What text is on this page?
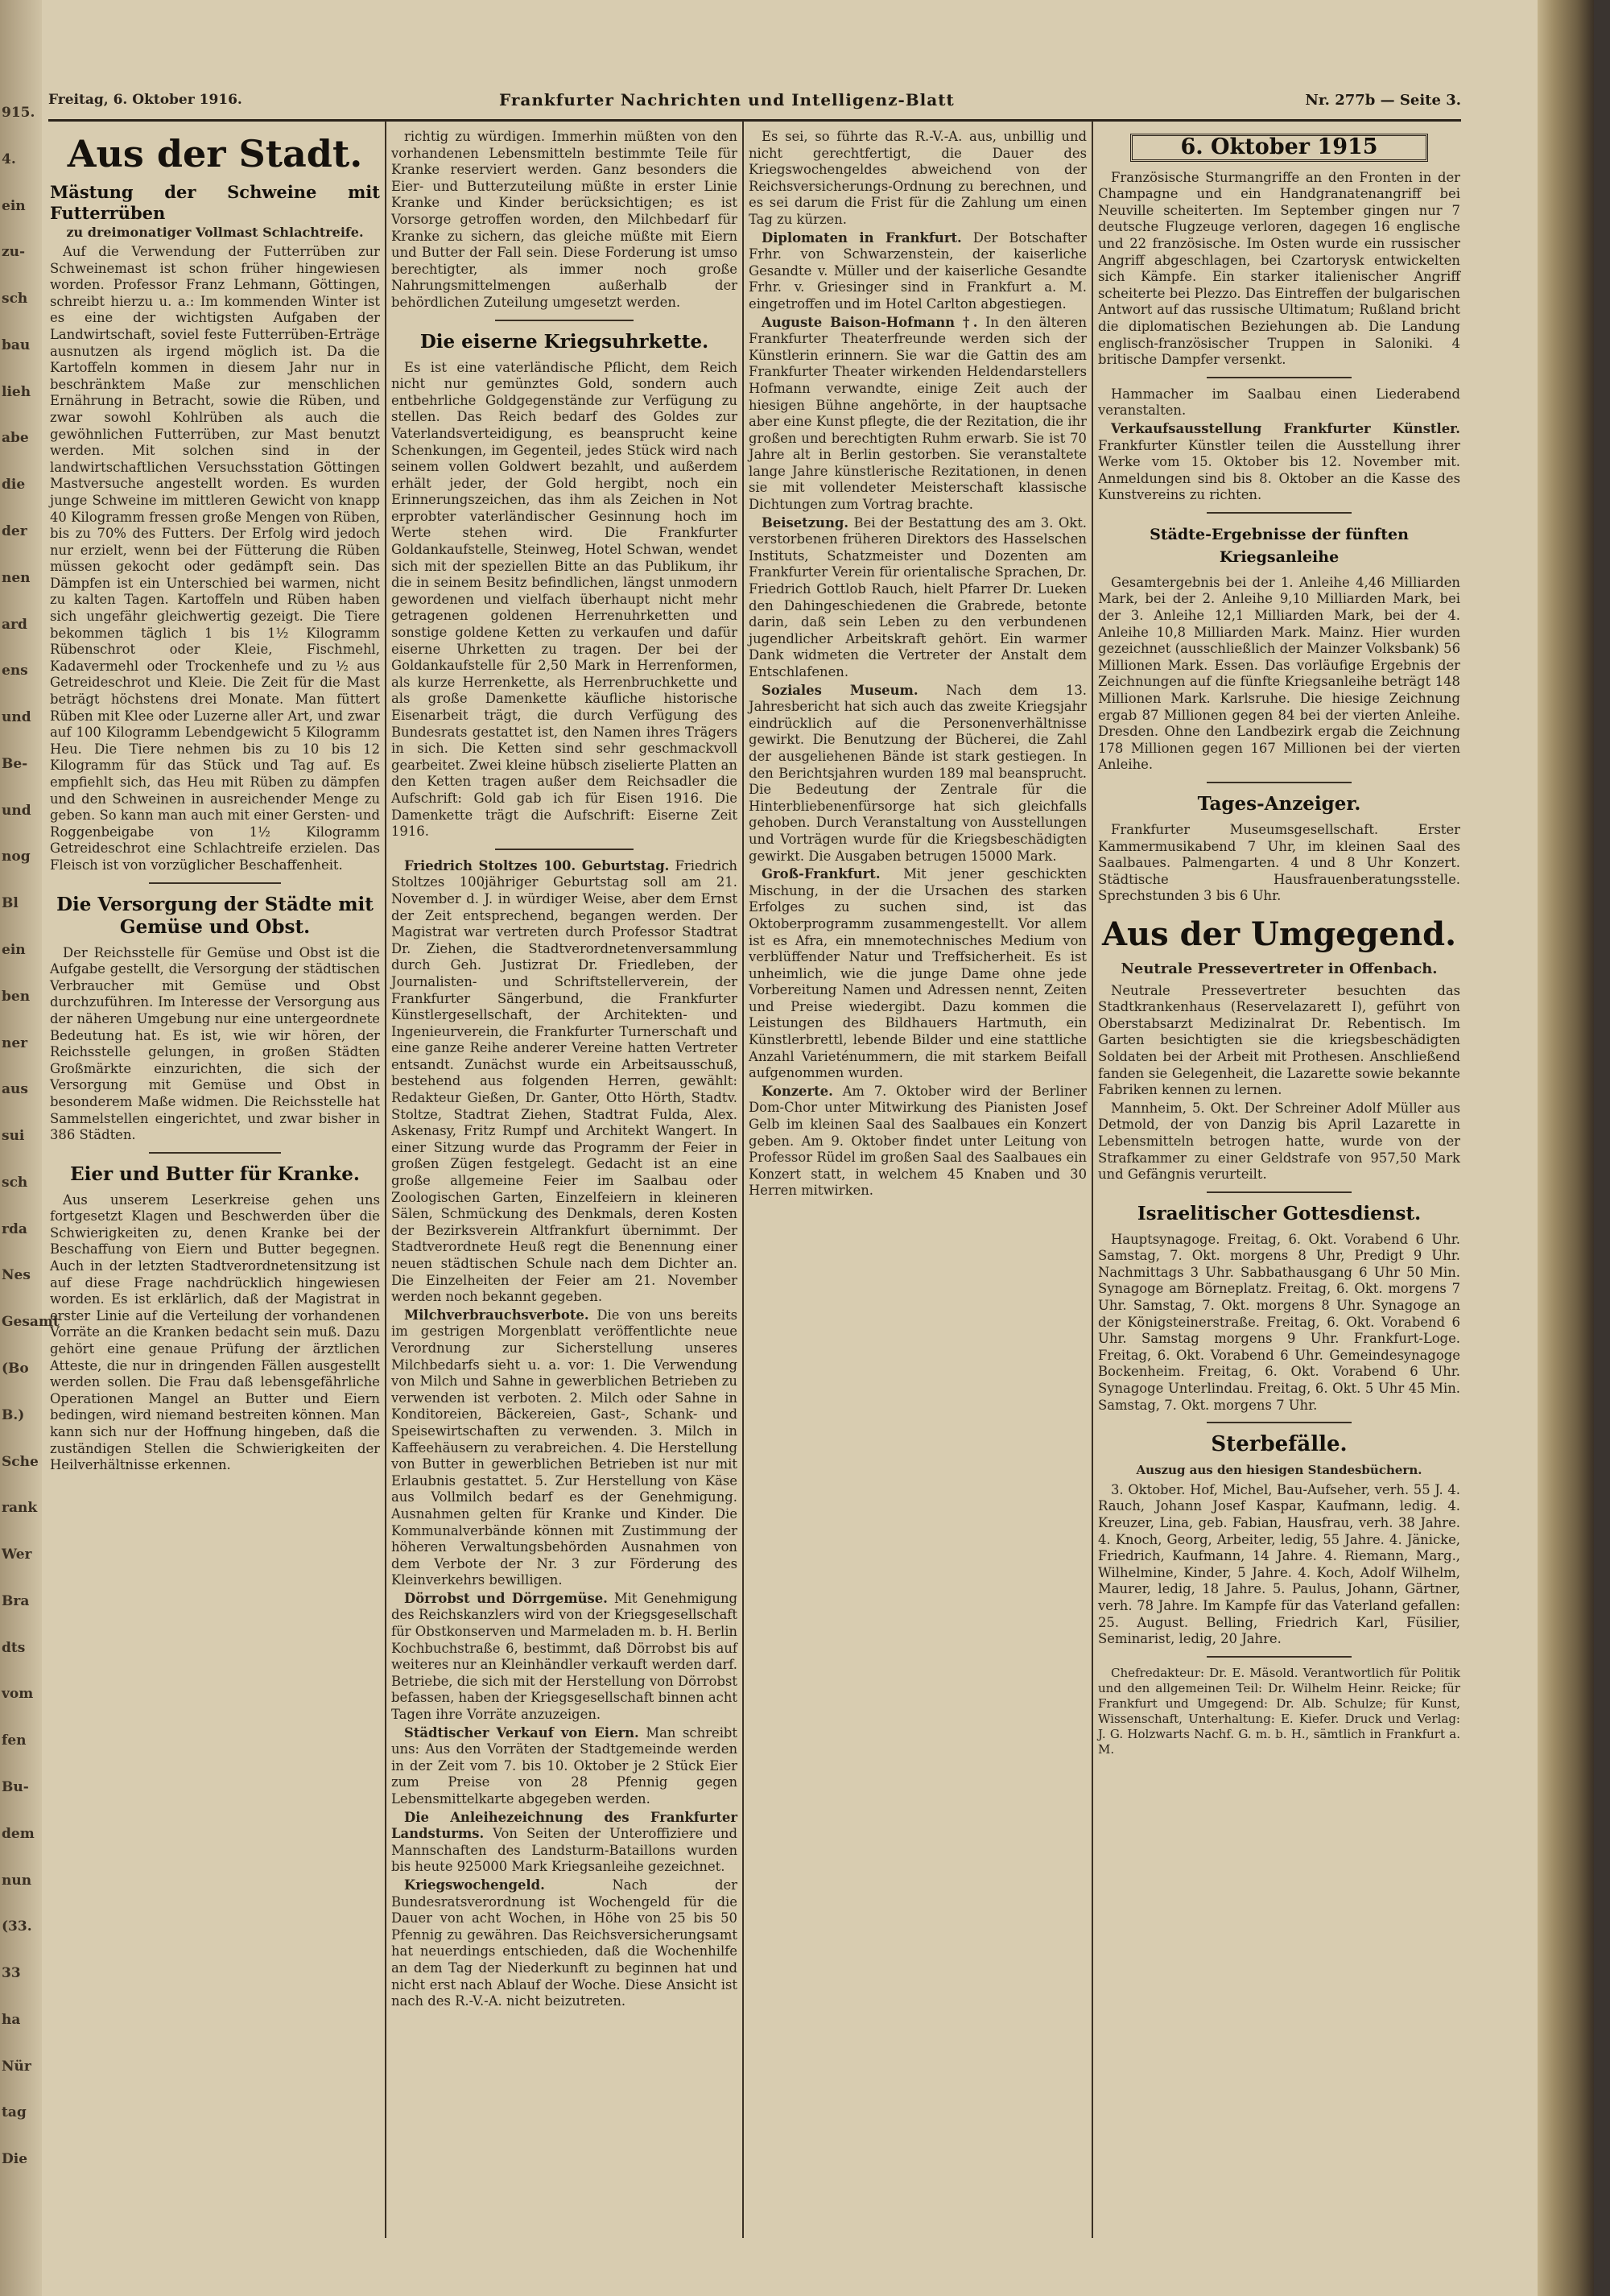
915.
4.
ein
zu-
sch
bau
lieh
abe
die
der
nen
ard
ens
und
Be-
und
nog
Bl
ein
ben
ner
aus
sui
sch
rda
Nes
Gesamt
(Bo
B.)
Sche
rank
Wer
Bra
dts
vom
fen
Bu-
dem
nun
(33.
33
ha
Nür
tag
Die
Freitag, 6. Oktober 1916.	Frankfurter Nachrichten und Intelligenz-Blatt	Nr. 277b — Seite 3.
Aus der Stadt.
Mästung der Schweine mit Futterrüben
zu dreimonatiger Vollmast Schlachtreife.

Auf die Verwendung der Futterrüben zur Schweinemast ist schon früher hingewiesen worden. Professor Franz Lehmann, Göttingen, schreibt hierzu u. a.: Im kommenden Winter ist es eine der wichtigsten Aufgaben der Landwirtschaft, soviel feste Futterrüben-Erträge ausnutzen als irgend möglich ist. Da die Kartoffeln kommen in diesem Jahr nur in beschränktem Maße zur menschlichen Ernährung in Betracht, sowie die Rüben, und zwar sowohl Kohlrüben als auch die gewöhnlichen Futterrüben, zur Mast benutzt werden. Mit solchen sind in der landwirtschaftlichen Versuchsstation Göttingen Mastversuche angestellt worden. Es wurden junge Schweine im mittleren Gewicht von knapp 40 Kilogramm fressen große Mengen von Rüben, bis zu 70% des Futters. Der Erfolg wird jedoch nur erzielt, wenn bei der Fütterung die Rüben müssen gekocht oder gedämpft sein. Das Dämpfen ist ein Unterschied bei warmen, nicht zu kalten Tagen. Kartoffeln und Rüben haben sich ungefähr gleichwertig gezeigt. Die Tiere bekommen täglich 1 bis 1½ Kilogramm Rübenschrot oder Kleie, Fischmehl, Kadavermehl oder Trockenhefe und zu ½ aus Getreideschrot und Kleie. Die Zeit für die Mast beträgt höchstens drei Monate. Man füttert Rüben mit Klee oder Luzerne aller Art, und zwar auf 100 Kilogramm Lebendgewicht 5 Kilogramm Heu. Die Tiere nehmen bis zu 10 bis 12 Kilogramm für das Stück und Tag auf. Es empfiehlt sich, das Heu mit Rüben zu dämpfen und den Schweinen in ausreichender Menge zu geben. So kann man auch mit einer Gersten- und Roggenbeigabe von 1½ Kilogramm Getreideschrot eine Schlachtreife erzielen. Das Fleisch ist von vorzüglicher Beschaffenheit.

Die Versorgung der Städte mit Gemüse und Obst.

Der Reichsstelle für Gemüse und Obst ist die Aufgabe gestellt, die Versorgung der städtischen Verbraucher mit Gemüse und Obst durchzuführen. Im Interesse der Versorgung aus der näheren Umgebung nur eine untergeordnete Bedeutung hat. Es ist, wie wir hören, der Reichsstelle gelungen, in großen Städten Großmärkte einzurichten, die sich der Versorgung mit Gemüse und Obst in besonderem Maße widmen. Die Reichsstelle hat Sammelstellen eingerichtet, und zwar bisher in 386 Städten.

Eier und Butter für Kranke.

Aus unserem Leserkreise gehen uns fortgesetzt Klagen und Beschwerden über die Schwierigkeiten zu, denen Kranke bei der Beschaffung von Eiern und Butter begegnen. Auch in der letzten Stadtverordnetensitzung ist auf diese Frage nachdrücklich hingewiesen worden. Es ist erklärlich, daß der Magistrat in erster Linie auf die Verteilung der vorhandenen Vorräte an die Kranken bedacht sein muß. Dazu gehört eine genaue Prüfung der ärztlichen Atteste, die nur in dringenden Fällen ausgestellt werden sollen. Die Frau daß lebensgefährliche Operationen Mangel an Butter und Eiern bedingen, wird niemand bestreiten können. Man kann sich nur der Hoffnung hingeben, daß die zuständigen Stellen die Schwierigkeiten der Heilverhältnisse erkennen.

richtig zu würdigen. Immerhin müßten von den vorhandenen Lebensmitteln bestimmte Teile für Kranke reserviert werden. Ganz besonders die Eier- und Butterzuteilung müßte in erster Linie Kranke und Kinder berücksichtigen; es ist Vorsorge getroffen worden, den Milchbedarf für Kranke zu sichern, das gleiche müßte mit Eiern und Butter der Fall sein. Diese Forderung ist umso berechtigter, als immer noch große Nahrungsmittelmengen außerhalb der behördlichen Zuteilung umgesetzt werden.

Die eiserne Kriegsuhrkette.

Es ist eine vaterländische Pflicht, dem Reich nicht nur gemünztes Gold, sondern auch entbehrliche Goldgegenstände zur Verfügung zu stellen. Das Reich bedarf des Goldes zur Vaterlandsverteidigung, es beansprucht keine Schenkungen, im Gegenteil, jedes Stück wird nach seinem vollen Goldwert bezahlt, und außerdem erhält jeder, der Gold hergibt, noch ein Erinnerungszeichen, das ihm als Zeichen in Not erprobter vaterländischer Gesinnung hoch im Werte stehen wird. Die Frankfurter Goldankaufstelle, Steinweg, Hotel Schwan, wendet sich mit der speziellen Bitte an das Publikum, ihr die in seinem Besitz befindlichen, längst unmodern gewordenen und vielfach überhaupt nicht mehr getragenen goldenen Herrenuhrketten und sonstige goldene Ketten zu verkaufen und dafür eiserne Uhrketten zu tragen. Der bei der Goldankaufstelle für 2,50 Mark in Herrenformen, als kurze Herrenkette, als Herrenbruchkette und als große Damenkette käufliche historische Eisenarbeit trägt, die durch Verfügung des Bundesrats gestattet ist, den Namen ihres Trägers in sich. Die Ketten sind sehr geschmackvoll gearbeitet. Zwei kleine hübsch ziselierte Platten an den Ketten tragen außer dem Reichsadler die Aufschrift: Gold gab ich für Eisen 1916. Die Damenkette trägt die Aufschrift: Eiserne Zeit 1916.

Friedrich Stoltzes 100. Geburtstag. Friedrich Stoltzes 100jähriger Geburtstag soll am 21. November d. J. in würdiger Weise, aber dem Ernst der Zeit entsprechend, begangen werden. Der Magistrat war vertreten durch Professor Stadtrat Dr. Ziehen, die Stadtverordnetenversammlung durch Geh. Justizrat Dr. Friedleben, der Journalisten- und Schriftstellerverein, der Frankfurter Sängerbund, die Frankfurter Künstlergesellschaft, der Architekten- und Ingenieurverein, die Frankfurter Turnerschaft und eine ganze Reihe anderer Vereine hatten Vertreter entsandt. Zunächst wurde ein Arbeitsausschuß, bestehend aus folgenden Herren, gewählt: Redakteur Gießen, Dr. Ganter, Otto Hörth, Stadtv. Stoltze, Stadtrat Ziehen, Stadtrat Fulda, Alex. Askenasy, Fritz Rumpf und Architekt Wangert. In einer Sitzung wurde das Programm der Feier in großen Zügen festgelegt. Gedacht ist an eine große allgemeine Feier im Saalbau oder Zoologischen Garten, Einzelfeiern in kleineren Sälen, Schmückung des Denkmals, deren Kosten der Bezirksverein Altfrankfurt übernimmt. Der Stadtverordnete Heuß regt die Benennung einer neuen städtischen Schule nach dem Dichter an. Die Einzelheiten der Feier am 21. November werden noch bekannt gegeben.

Milchverbrauchsverbote. Die von uns bereits im gestrigen Morgenblatt veröffentlichte neue Verordnung zur Sicherstellung unseres Milchbedarfs sieht u. a. vor: 1. Die Verwendung von Milch und Sahne in gewerblichen Betrieben zu verwenden ist verboten. 2. Milch oder Sahne in Konditoreien, Bäckereien, Gast-, Schank- und Speisewirtschaften zu verwenden. 3. Milch in Kaffeehäusern zu verabreichen. 4. Die Herstellung von Butter in gewerblichen Betrieben ist nur mit Erlaubnis gestattet. 5. Zur Herstellung von Käse aus Vollmilch bedarf es der Genehmigung. Ausnahmen gelten für Kranke und Kinder. Die Kommunalverbände können mit Zustimmung der höheren Verwaltungsbehörden Ausnahmen von dem Verbote der Nr. 3 zur Förderung des Kleinverkehrs bewilligen.

Dörrobst und Dörrgemüse. Mit Genehmigung des Reichskanzlers wird von der Kriegsgesellschaft für Obstkonserven und Marmeladen m. b. H. Berlin Kochbuchstraße 6, bestimmt, daß Dörrobst bis auf weiteres nur an Kleinhändler verkauft werden darf. Betriebe, die sich mit der Herstellung von Dörrobst befassen, haben der Kriegsgesellschaft binnen acht Tagen ihre Vorräte anzuzeigen.

Städtischer Verkauf von Eiern. Man schreibt uns: Aus den Vorräten der Stadtgemeinde werden in der Zeit vom 7. bis 10. Oktober je 2 Stück Eier zum Preise von 28 Pfennig gegen Lebensmittelkarte abgegeben werden.

Die Anleihezeichnung des Frankfurter Landsturms. Von Seiten der Unteroffiziere und Mannschaften des Landsturm-Bataillons wurden bis heute 925000 Mark Kriegsanleihe gezeichnet.

Kriegswochengeld.	Nach der Bundesratsverordnung ist Wochengeld für die Dauer von acht Wochen, in Höhe von 25 bis 50 Pfennig zu gewähren. Das Reichsversicherungsamt hat neuerdings entschieden, daß die Wochenhilfe an dem Tag der Niederkunft zu beginnen hat und nicht erst nach Ablauf der Woche. Diese Ansicht ist nach des R.-V.-A. nicht beizutreten.

Es sei, so führte das R.-V.-A. aus, unbillig und nicht gerechtfertigt, die Dauer des Kriegswochengeldes abweichend von der Reichsversicherungs-Ordnung zu berechnen, und es sei darum die Frist für die Zahlung um einen Tag zu kürzen.

Diplomaten in Frankfurt. Der Botschafter Frhr. von Schwarzenstein, der kaiserliche Gesandte v. Müller und der kaiserliche Gesandte Frhr. v. Griesinger sind in Frankfurt a. M. eingetroffen und im Hotel Carlton abgestiegen.

Auguste Baison-Hofmann †. In den älteren Frankfurter Theaterfreunde werden sich der Künstlerin erinnern. Sie war die Gattin des am Frankfurter Theater wirkenden Heldendarstellers Hofmann verwandte, einige Zeit auch der hiesigen Bühne angehörte, in der hauptsache aber eine Kunst pflegte, die der Rezitation, die ihr großen und berechtigten Ruhm erwarb. Sie ist 70 Jahre alt in Berlin gestorben. Sie veranstaltete lange Jahre künstlerische Rezitationen, in denen sie mit vollendeter Meisterschaft klassische Dichtungen zum Vortrag brachte.

Beisetzung. Bei der Bestattung des am 3. Okt. verstorbenen früheren Direktors des Hasselschen Instituts, Schatzmeister und Dozenten am Frankfurter Verein für orientalische Sprachen, Dr. Friedrich Gottlob Rauch, hielt Pfarrer Dr. Lueken den Dahingeschiedenen die Grabrede, betonte darin, daß sein Leben zu den verbundenen jugendlicher Arbeitskraft gehört. Ein warmer Dank widmeten die Vertreter der Anstalt dem Entschlafenen.

Soziales Museum. Nach dem 13. Jahresbericht hat sich auch das zweite Kriegsjahr eindrücklich auf die Personenverhältnisse gewirkt. Die Benutzung der Bücherei, die Zahl der ausgeliehenen Bände ist stark gestiegen. In den Berichtsjahren wurden 189 mal beansprucht. Die Bedeutung der Zentrale für die Hinterbliebenenfürsorge hat sich gleichfalls gehoben. Durch Veranstaltung von Ausstellungen und Vorträgen wurde für die Kriegsbeschädigten gewirkt. Die Ausgaben betrugen 15000 Mark.

Groß-Frankfurt. Mit jener geschickten Mischung, in der die Ursachen des starken Erfolges zu suchen sind, ist das Oktoberprogramm zusammengestellt. Vor allem ist es Afra, ein mnemotechnisches Medium von verblüffender Natur und Treffsicherheit. Es ist unheimlich, wie die junge Dame ohne jede Vorbereitung Namen und Adressen nennt, Zeiten und Preise wiedergibt. Dazu kommen die Leistungen des Bildhauers Hartmuth, ein Künstlerbrettl, lebende Bilder und eine stattliche Anzahl Varieténummern, die mit starkem Beifall aufgenommen wurden.

Konzerte. Am 7. Oktober wird der Berliner Dom-Chor unter Mitwirkung des Pianisten Josef Gelb im kleinen Saal des Saalbaues ein Konzert geben. Am 9. Oktober findet unter Leitung von Professor Rüdel im großen Saal des Saalbaues ein Konzert statt, in welchem 45 Knaben und 30 Herren mitwirken.

6. Oktober 1915

Französische Sturmangriffe an den Fronten in der Champagne und ein Handgranatenangriff bei Neuville scheiterten. Im September gingen nur 7 deutsche Flugzeuge verloren, dagegen 16 englische und 22 französische. Im Osten wurde ein russischer Angriff abgeschlagen, bei Czartorysk entwickelten sich Kämpfe. Ein starker italienischer Angriff scheiterte bei Plezzo. Das Eintreffen der bulgarischen Antwort auf das russische Ultimatum; Rußland bricht die diplomatischen Beziehungen ab. Die Landung englisch-französischer Truppen in Saloniki. 4 britische Dampfer versenkt.

Hammacher im Saalbau einen Liederabend veranstalten.

Verkaufsausstellung Frankfurter Künstler. Frankfurter Künstler teilen die Ausstellung ihrer Werke vom 15. Oktober bis 12. November mit. Anmeldungen sind bis 8. Oktober an die Kasse des Kunstvereins zu richten.

Städte-Ergebnisse der fünften Kriegsanleihe

Gesamtergebnis bei der 1. Anleihe 4,46 Milliarden Mark, bei der 2. Anleihe 9,10 Milliarden Mark, bei der 3. Anleihe 12,1 Milliarden Mark, bei der 4. Anleihe 10,8 Milliarden Mark. Mainz. Hier wurden gezeichnet (ausschließlich der Mainzer Volksbank) 56 Millionen Mark. Essen. Das vorläufige Ergebnis der Zeichnungen auf die fünfte Kriegsanleihe beträgt 148 Millionen Mark. Karlsruhe. Die hiesige Zeichnung ergab 87 Millionen gegen 84 bei der vierten Anleihe. Dresden. Ohne den Landbezirk ergab die Zeichnung 178 Millionen gegen 167 Millionen bei der vierten Anleihe.

Tages-Anzeiger.

Frankfurter Museumsgesellschaft. Erster Kammermusikabend 7 Uhr, im kleinen Saal des Saalbaues. Palmengarten. 4 und 8 Uhr Konzert. Städtische Hausfrauenberatungsstelle. Sprechstunden 3 bis 6 Uhr.

Aus der Umgegend.
Neutrale Pressevertreter in Offenbach.

Neutrale Pressevertreter besuchten das Stadtkrankenhaus (Reservelazarett I), geführt von Oberstabsarzt Medizinalrat Dr. Rebentisch. Im Garten besichtigten sie die kriegsbeschädigten Soldaten bei der Arbeit mit Prothesen. Anschließend fanden sie Gelegenheit, die Lazarette sowie bekannte Fabriken kennen zu lernen.

Mannheim, 5. Okt. Der Schreiner Adolf Müller aus Detmold, der von Danzig bis April Lazarette in Lebensmitteln betrogen hatte, wurde von der Strafkammer zu einer Geldstrafe von 957,50 Mark und Gefängnis verurteilt.

Israelitischer Gottesdienst.

Hauptsynagoge. Freitag, 6. Okt. Vorabend 6 Uhr. Samstag, 7. Okt. morgens 8 Uhr, Predigt 9 Uhr. Nachmittags 3 Uhr. Sabbathausgang 6 Uhr 50 Min. Synagoge am Börneplatz. Freitag, 6. Okt. morgens 7 Uhr. Samstag, 7. Okt. morgens 8 Uhr. Synagoge an der Königsteinerstraße. Freitag, 6. Okt. Vorabend 6 Uhr. Samstag morgens 9 Uhr. Frankfurt-Loge. Freitag, 6. Okt. Vorabend 6 Uhr. Gemeindesynagoge Bockenheim. Freitag, 6. Okt. Vorabend 6 Uhr. Synagoge Unterlindau. Freitag, 6. Okt. 5 Uhr 45 Min. Samstag, 7. Okt. morgens 7 Uhr.

Sterbefälle.
Auszug aus den hiesigen Standesbüchern.

3. Oktober. Hof, Michel, Bau-Aufseher, verh. 55 J. 4. Rauch, Johann Josef Kaspar, Kaufmann, ledig. 4. Kreuzer, Lina, geb. Fabian, Hausfrau, verh. 38 Jahre. 4. Knoch, Georg, Arbeiter, ledig, 55 Jahre. 4. Jänicke, Friedrich, Kaufmann, 14 Jahre. 4. Riemann, Marg., Wilhelmine, Kinder, 5 Jahre. 4. Koch, Adolf Wilhelm, Maurer, ledig, 18 Jahre. 5. Paulus, Johann, Gärtner, verh. 78 Jahre. Im Kampfe für das Vaterland gefallen: 25. August. Belling, Friedrich Karl, Füsilier, Seminarist, ledig, 20 Jahre.

Chefredakteur: Dr. E. Mäsold. Verantwortlich für Politik und den allgemeinen Teil: Dr. Wilhelm Heinr. Reicke; für Frankfurt und Umgegend: Dr. Alb. Schulze; für Kunst, Wissenschaft, Unterhaltung: E. Kiefer. Druck und Verlag: J. G. Holzwarts Nachf. G. m. b. H., sämtlich in Frankfurt a. M.
